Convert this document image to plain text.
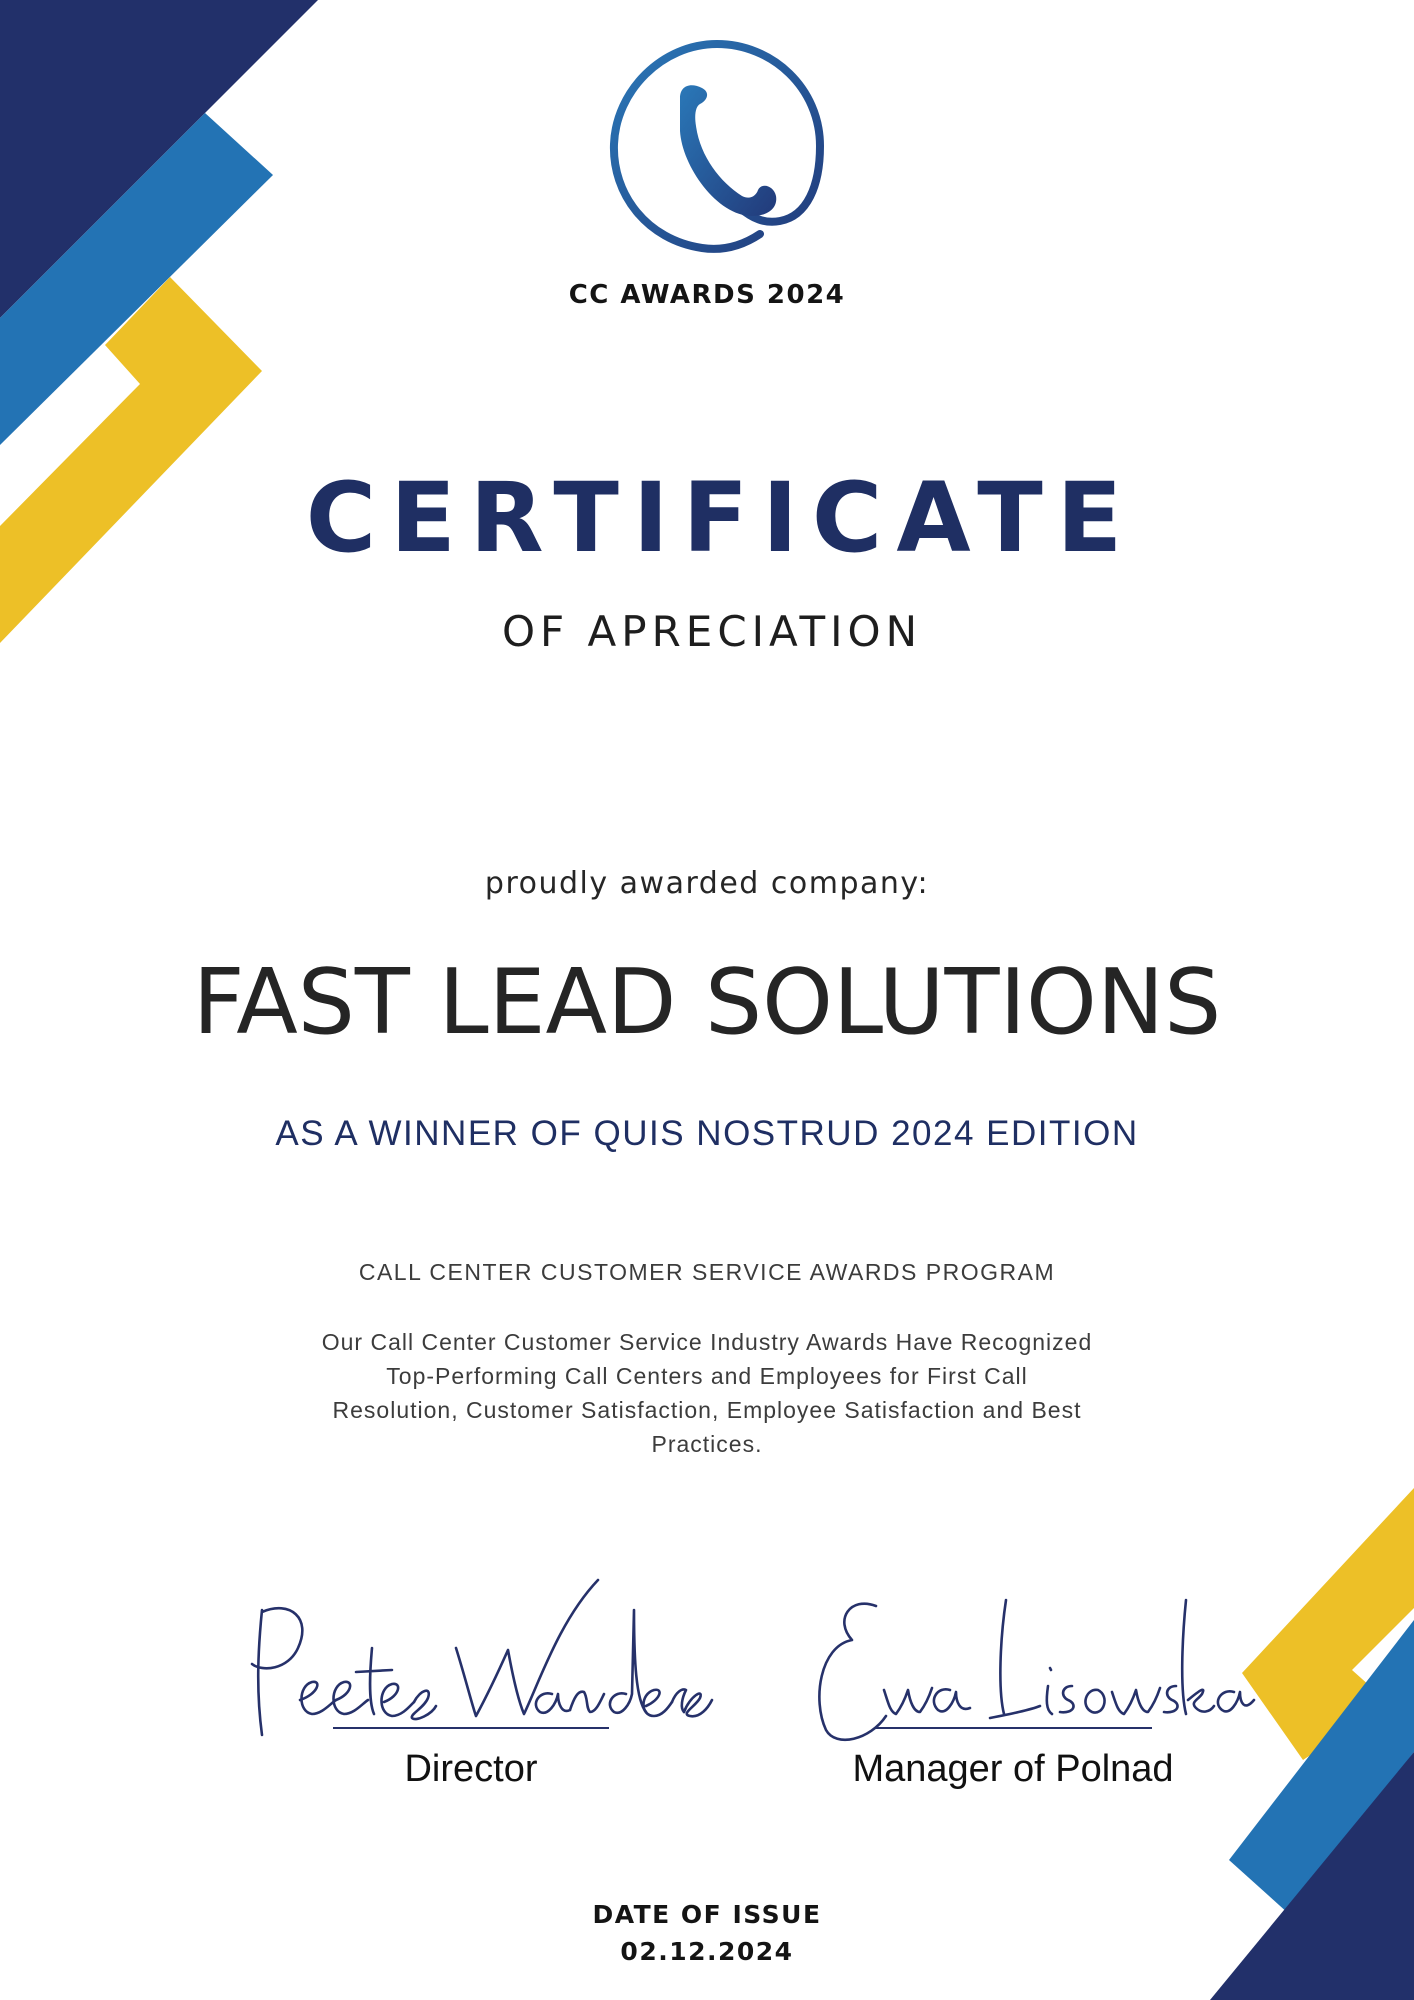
CC AWARDS 2024
CERTIFICATE
OF APRECIATION
proudly awarded company:
FAST LEAD SOLUTIONS
AS A WINNER OF QUIS NOSTRUD 2024 EDITION
CALL CENTER CUSTOMER SERVICE AWARDS PROGRAM
Our Call Center Customer Service Industry Awards Have Recognized Top-Performing Call Centers and Employees for First Call Resolution, Customer Satisfaction, Employee Satisfaction and Best Practices.
Director	Manager of Polnad
DATE OF ISSUE
02.12.2024
